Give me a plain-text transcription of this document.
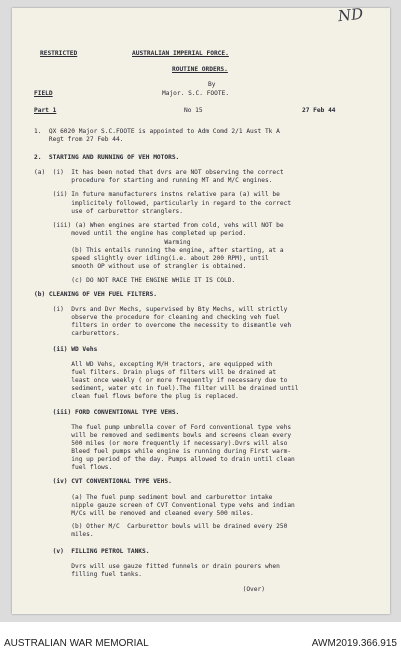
ND
RESTRICTED	AUSTRALIAN IMPERIAL FORCE.
ROUTINE ORDERS.
By
FIELD	Major. S.C. FOOTE.
Part 1	No 15	27 Feb 44
1.  QX 6020 Major S.C.FOOTE is appointed to Adm Comd 2/1 Aust Tk A
Regt from 27 Feb 44.
2.  STARTING AND RUNNING OF VEH MOTORS.
(a)  (i)  It has been noted that dvrs are NOT observing the correct
procedure for starting and running MT and M/C engines.
(ii) In future manufacturers instns relative para (a) will be
implicitely followed, particularly in regard to the correct
use of carburettor stranglers.
(iii) (a) When engines are started from cold, vehs will NOT be
moved until the engine has completed up period.
Warming
(b) This entails running the engine, after starting, at a
speed slightly over idling(i.e. about 200 RPM), until
smooth OP without use of strangler is obtained.
(c) DO NOT RACE THE ENGINE WHILE IT IS COLD.
(b) CLEANING OF VEH FUEL FILTERS.
(i)  Dvrs and Dvr Mechs, supervised by Bty Mechs, will strictly
observe the procedure for cleaning and checking veh fuel
filters in order to overcome the necessity to dismantle veh
carburettors.
(ii) WD Vehs
All WD Vehs, excepting M/H tractors, are equipped with
fuel filters. Drain plugs of filters will be drained at
least once weekly ( or more frequently if necessary due to
sediment, water etc in fuel).The filter will be drained until
clean fuel flows before the plug is replaced.
(iii) FORD CONVENTIONAL TYPE VEHS.
The fuel pump umbrella cover of Ford conventional type vehs
will be removed and sediments bowls and screens clean every
500 miles (or more frequently if necessary).Dvrs will also
Bleed fuel pumps while engine is running during First warm-
ing up period of the day. Pumps allowed to drain until clean
fuel flows.
(iv) CVT CONVENTIONAL TYPE VEHS.
(a) The fuel pump sediment bowl and carburettor intake
nipple gauze screen of CVT Conventional type vehs and indian
M/Cs will be removed and cleaned every 500 miles.
(b) Other M/C  Carburettor bowls will be drained every 250
miles.
(v)  FILLING PETROL TANKS.
Dvrs will use gauze fitted funnels or drain pourers when
filling fuel tanks.
(Over)
AUSTRALIAN WAR MEMORIAL	AWM2019.366.915
